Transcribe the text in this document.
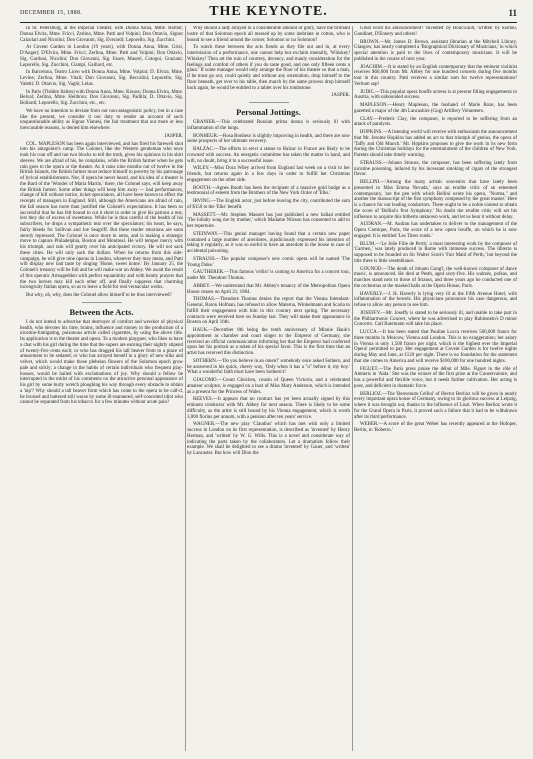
DECEMBER 15, 1888.	THE KEYNOTE.	11

In St. Petersburg, at the Imperial Theater, with Donna Anna, Mme. Barbot; Donna Elvira, Mme. Fricci, Zerlina, Mme. Patti and Volpini; Don Ottavio, Signor Calzolari and Nicolini; Don Giovanni, Sig. Everardi; Leporello, Sig. Zucchini.

At Covent Garden in London (19 years), with Donna Anna, Mme. Grisi, D'Angeri; D'Elvira, Mme. Fricci, Zerlina, Mme. Patti and Volpini; Don Ottavio, Sig. Gardoni, Nicolini; Don Giovanni, Sig. Faure, Maurel, Cotogni, Graziani; Leporello, Sig. Zucchini, Ciampi, Gaillard, etc.

In Barcelona, Teatro Liceo with Donna Anna, Mme. Volpini; D. Elvira, Mme. Levine; Zerlina, Mme. Vitali; Don Giovanni, Sig. Beccalini; Leporello, Sig. Valetti; D. Ottavio, Sig. Vaghi; Lelas.

In Paris (Théâtre Italien) with Donna Anna, Mme. Krauss; Donna Elvira, Mme. Belval; Zerlina, Mme. Heilbron; Don Giovanni, Sig. Padilla; D. Ottavio, Sig. Bollardi; Leporello, Sig. Zucchini, etc., etc.

We have no intention to deviate from our non-antagonistic policy, but in a case like the present, we consider it our duty to render an account of such unquestionable ability as Signor Vianesi, the fair treatment that our more or less inexcusable reasons, is denied him elsewhere.

JASPER.

COL. MAPLESON has been again interviewed, and has fired his farewell shot into his antagonist's camp. The Colonel, like the Western gentleman who once took his coat off and ran two blocks to tell the truth, gives his opinions in his shirt sleeves. We are afraid of his, he complains, while the British farmer when he gets rain goes to the opera or the theater. As it rains nine months out of twelve in the British Islands, the British farmer must reduce himself to poverty by his patronage of lyrical establishments. Nor, if opera be never heard, and his idea of a theater is the Bard of the 'Wonder of Maria Martin,' there, the Colonel says, will keep away the British farmer. Some other things will keep him away — bad performances, change of bill without notice, ticket speculators, all have been known to effect the receipts of managers in England. Still, although the Americans are afraid of rain, the fall season has more than justified the Colonel's expectations. It has been so successful that he has felt bound to cut it short in order to give his patrons a rest, lest they die of excess of sweetness. While he is thus careful of the health of his subscribers, he drops a sympathetic tear over the speculators; his heart, he says, fairly bleeds for Sullivan and Joe Seagriff. But these tender emotions are soon sternly repressed. The Colonel is once more in arms, and is making a strategic move to capture Philadelphia, Boston and Montreal. He will temper mercy with his triumph, and rain will gently over his anticipated victory. He will not sack these cities. He will only sack the dollars. When he returns from this side-campaign, he will give nine operas in London, whatever they may mean, and Patti will display new bad taste by singing 'Home, sweet home.' By January 25, the Colonel's treasury will be full and he will make war on Abbey. We await the result of this operatic Armageddon with perfect equanimity and with hearty prayers that the two heroes may kill each other off, and finally suppress that charming incongruity Italian opera, so as to leave a field for real vernacular works.

But why, oh, why, does the Colonel allow himself to be thus interviewed?

Between the Acts.

I do not intend to advertise that destroyer of comfort and wrecker of physical health, who devotes his time, brains, influence and money to the production of a nicotine-fumigating, poisonous article called cigarettes, by using the above title. Its application is to the theater and opera. To a modern playgoer, who likes to have a chat with his girl during the time that the supers are earning their nightly stipend of twenty-five cents each; or who has dragged his tall beaver from to a place of amusement to be sedated; or who has arrayed herself in a glory of new silks and velvet, which would make those plebeian flowers of the Solomon epoch grow pale and sickly; a change in the habits of certain individuals who frequent play-houses, would be hailed with exclamations of joy. Why should a fellow be interrupted in the midst of his comments on the attractive personal appearance of his girl by some burly wretch ploughing his way through every obstacle to obtain a 'nip'? Why should a tall beaver form which has come to the opera to be calf-d, be bruised and battered still worse by some ill-mannered, self-conceited idiot who cannot be separated from his tobacco for a few minutes without acute pain?

Why should a lady arrayed in a considerable amount of glory, have the brilliant lustre of that Solomon epoch all messed up by some inebriate in cotton, who is bound to see a friend around the corner, Solomon or no Solomon?

To watch these between the acts fiends as they file out and in, at every intermission of a performance, one cannot help but exclaim mentally, 'Whiskey! Whiskey! Thou art the ruin of courtesy, decency, and manly consideration for the feelings and comfort of others if you do taste good, and one only fifteen cents a glass.' If some manager would only arrange the floor of his theater so that a man, if he must go out, could quietly and without any ostentation, drop himself to the floor beneath, get over to his table, then march by the same process drop himself back again, he would be entitled to a tablet over his tombstone.

JASPER.
Personal Jottings.

GRANIER.—This celebrated Russian prima donna is seriously ill with inflammation of the lungs.

BONHEUR.—Rosa Bonheur is slightly improving in health, and there are now some prospects of her ultimate recovery.

BALZAC.—The efforts to erect a statue to Balzac in France are likely to be crowned with success. An energetic committee has taken the matter in hand, and will, no doubt, bring it to a successful issue.

WILEY.—Miss Dora Wiley arrived from England last week on a visit to her friends, but returns again in a few days in order to fulfill her Christmas engagement on the other side.

BOOTH.—Agnes Booth has been the recipient of a massive gold badge as a testimonial of esteem from the Brothers of the New York Order of 'Elks.'

IRVING.—The English actor, just before leaving the city, contributed the sum of $150 to the 'Elks' benefit.

MASSETT.—Mr. Stephen Massett has just published a new ballad entitled 'The lullaby sung me by mother,' which Madame Nilsson has consented to add to her repertoire.

STEINWAY.—This genial manager having found that a certain new paper contained a large number of anecdotes, injudiciously expressed his intention of taking it regularly, as it was so useful to have an anecdote in the house in case of accidental poisoning.

STRAUSS.—The popular composer's new comic opera will be named 'The Young Duke.'

GAUTHERER.—This famous 'cellist' is coming to America for a concert tour, under Mr. Theodore Thomas.

ABBEY.—We understand that Mr. Abbey's tenancy of the Metropolitan Opera House ceases on April 21, 1884.

THOMAS.—Theodore Thomas denies the report that the Vienna Intendant-General, Baron Hofman, has refused to allow Materna, Winkelmann and Scaria to fulfill their engagement with him in this country next spring. The necessary contracts were received here on Sunday last. They will make their appearance in Boston on April 16th.

HAUK.—December 8th being the tenth anniversary of Minnie Hauk's appointment as chamber and court singer to the Emperor of Germany, she received an official communication informing her that the Emperor had conferred upon her his portrait as a token of his special favor. This is the first time that an artist has received this distinction.

SOTHERN.—'Do you believe in an omen?' somebody once asked Sothern, and he answered in his quick, cheery way, 'Only when it has a "u" before it, my boy.' What a wonderful faith must have been Sothern's!

GIACOMO.—Count Gleichen, cousin of Queen Victoria, and a celebrated amateur sculptor, is engaged on a bust of Miss Mary Anderson, which is intended as a present for the Princess of Wales.

REEVES.—It appears that no contract has yet been actually signed by this eminent conductor with Mr. Abbey for next season. There is likely to be some difficulty, as the artist is still bound by his Vienna engagement, which is worth 3,000 florins per annum, with a pension after ten years' service.

WAGNER.—The new play 'Claudius' which has met with only a limited success in London on its first representation, is described as 'invented' by Henry Herman, and 'written' by W. G. Wills. This is a novel and considerate way of indicating the parts taken by the collaborators. Let a dramatists follow their example. We shall be delighted to see a drama 'invented' by Gauer, and 'written' by Lancaster. But how will Dion the

Great word his announcement? 'Invented' by Boucicault, 'written' by Sardou, Gondinet, D'Ennery and others!

BROWN.—Mr. James D. Brown, assistant librarian at the Mitchell Library, Glasgow, has nearly completed a 'Biographical Dictionary of Musicians,' in which special attention is paid to the lives of contemporary musicians. It will be published in the course of next year.

JOACHIM.—It is stated by an English contemporary that the eminent violinist receives $60,000 from Mr. Abbey for one hundred concerts during five months tour in this country. Patti receives a similar sum for twelve representations! Verbum sap!

JUDIC.—This popular opera bouffe actress is at present filling engagements in Austria, with unbounded success.

MAPLESON.—Henry Mapleson, the husband of Marie Roze, has been gazetted a major of the 4th Lancashire (Gog) Artillery Volunteers.

CLAY.—Frederic Clay, the composer, is reported to be suffering from an attack of paralysis.

HOPKINS.—A listening world will receive with enthusiasm the announcement that Mr. Jerome Hopkins has added an act to that triumph of genius, the opera of 'Taffy and Old Munch.' Mr. Hopkins proposes to give the work in its new form during the Christmas holidays for the entertainment of the children of New York. Parents should take timely warning.

STRAUSS.—Johann Strauss, the composer, has been suffering lately from nicotine poisoning, induced by his incessant smoking of cigars of the strongest flavor.

BELLINI.—'Among the many artistic souvenirs that have lately been presented to Miss Emma Nevada,' says an erudite critic of an esteemed contemporary, 'are the pen with which Bellini wrote his opera, "Norma," and another the manuscript of the first symphony composed by the great master.' Here is a chance for our leading conductors. There ought to be a noble contest to obtain the score of 'Bellini's first Symphony.' No doubt the erudite critic will set his influence to acquire this hitherto unknown work, and let us hear it without delay.

AUDRAN.—M. Audran has undertaken to deliver to the management of the Opera Comique, Paris, the score of a new opera bouffe, on which he is now engaged. It is entitled 'Les Titres ronds.'

BLUM.—'Le Jolie Fille de Perth,' a most interesting work by the composer of 'Carmen,' was lately produced in Rome with immense success. The libretto is supposed to be founded on Sir Walter Scott's 'Fair Maid of Perth,' but beyond the title there is little resemblance.

GOUNOD.—The death of Johann Gung'l, the well-known composer of dance music, is announced. He died at Pesth, aged sixty-five. His waltzes, polkas, and marches stand next to those of Strauss, and three years ago he conducted one of the orchestras at the masked balls at the Opera House, Paris.

HAVERLY.—J. H. Haverly is lying very ill at the Fifth Avenue Hotel, with inflammation of the bowels. His physicians pronounce his case dangerous, and refuse to allow any person to see him.

JOSEFFY.—Mr. Joseffy is stated to be seriously ill, and unable to take part in the Philharmonic Concert, where he was advertised to play Rubinstein's D minor Concerto. Carl Baermann will take his place.

LUCCA.—It has been stated that Pauline Lucca receives 500,000 francs for three months in Moscow, Vienna and London. This is no exaggeration; her salary in Vienna is only 1,500 francs per night, which is the highest ever the Imperial Opera! permitted to pay. Her engagement at Covent Garden is for twelve nights during May and June, at £120 per night. There is no foundation for the statement that she comes to America and will receive $100,000 for one hundred nights.

FIGUET.—The Paris press praise the début of Mlle. Figuet in the rôle of Amneris in 'Aida.' She was the winner of the first prize at the Conservatoire, and has a powerful and flexible voice, but it needs further cultivation. Her acting is poor, and deficient in dramatic force.

BERLIOZ.—The 'Benvenuto Cellini' of Hector Berlioz will be given in nearly every important opera house of Germany, owing to its glorious success at Leipzig, where it was brought out, thanks to the influence of Liszt. When Berlioz wrote it for the Grand Opera in Paris, it proved such a failure that it had to be withdrawn after its third performance.

WEBER.—A score of the great Weber has recently appeared at the Hofoper, Berlin, in 'Roberto.'
